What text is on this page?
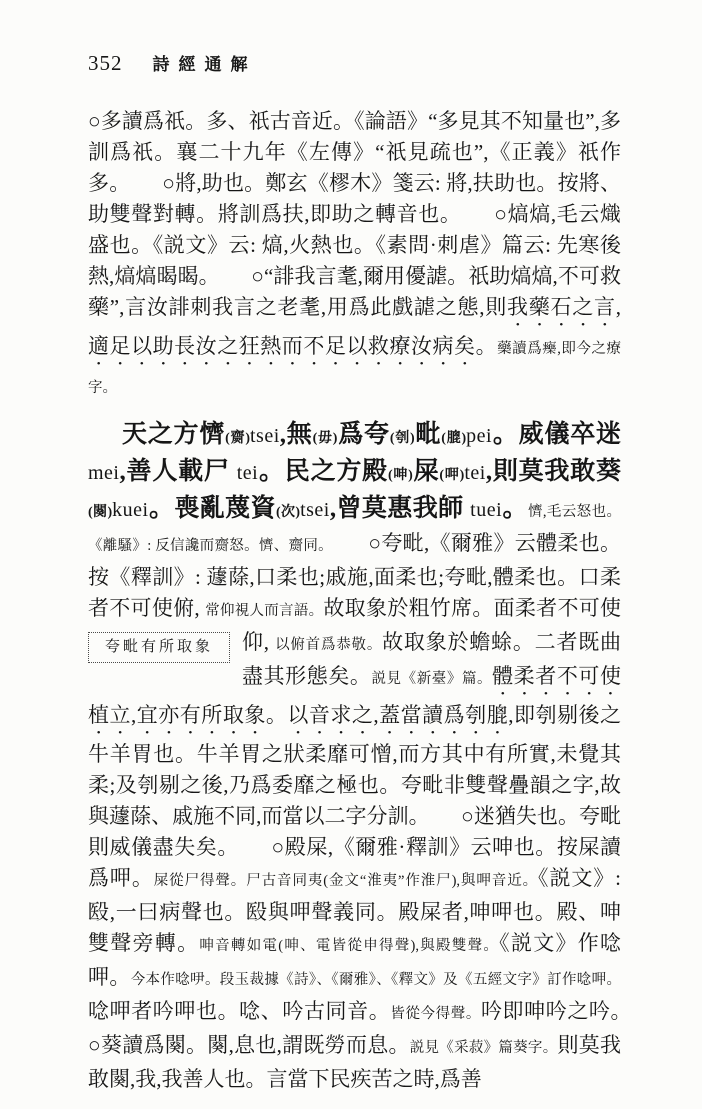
352 詩經通解

○多讀爲祇。多、祇古音近。《論語》“多見其不知量也”,多訓爲祇。襄二十九年《左傳》“祇見疏也”,《正義》祇作多。　　○將,助也。鄭玄《樛木》箋云: 將,扶助也。按將、助雙聲對轉。將訓爲扶,即助之轉音也。　　○熇熇,毛云熾盛也。《説文》云: 熇,火熱也。《素問·刺虐》篇云: 先寒後熱,熇熇暍暍。　　○“誹我言耄,爾用優謔。祇助熇熇,不可救藥”,言汝誹刺我言之老耄,用爲此戲謔之態,則我藥石之言,適足以助長汝之狂熱而不足以救療汝病矣。藥讀爲𤻲,即今之療字。

天之方懠(齌)tsei,無(毋)爲夸(刳)毗(膍)pei。威儀卒迷 mei,善人載尸 tei。民之方殿(呻)屎(呷)tei,則莫我敢葵(闋)kuei。喪亂蔑資(次)tsei,曾莫惠我師 tuei。懠,毛云怒也。《離騷》: 反信讒而齌怒。懠、齌同。　　○夸毗,《爾雅》云體柔也。按《釋訓》: 蘧蒢,口柔也;戚施,面柔也;夸毗,體柔也。口柔者不可使俯, 常仰視人而言語。故取象於粗竹席。面柔者不可使仰, 以俯首爲恭敬。故取象於蟾
夸毗有所取象	蜍。二者既曲盡其形態矣。説見《新臺》篇。體柔者不可使植立,宜亦有所取象。以音求之,蓋當讀爲刳膍,即刳剔後之牛羊胃也。牛羊胃之狀柔靡可憎,而方其中有所實,未覺其柔;及刳剔之後,乃爲委靡之極也。夸毗非雙聲疊韻之字,故與蘧蒢、戚施不同,而當以二字分訓。　　○迷猶失也。夸毗則威儀盡失矣。　　○殿屎,《爾雅·釋訓》云呻也。按屎讀爲呷。屎從尸得聲。尸古音同夷(金文“淮夷”作淮尸),與呷音近。《説文》: 殹,一曰病聲也。殹與呷聲義同。殿屎者,呻呷也。殿、呻雙聲旁轉。呻音轉如電(呻、電皆從申得聲),與殿雙聲。《説文》作唸呷。今本作唸吚。段玉裁據《詩》、《爾雅》、《釋文》及《五經文字》訂作唸呷。唸呷者吟呷也。唸、吟古同音。皆從今得聲。吟即呻吟之吟。　　○葵讀爲闋。闋,息也,謂既勞而息。説見《采菽》篇葵字。則莫我敢闋,我,我善人也。言當下民疾苦之時,爲善
